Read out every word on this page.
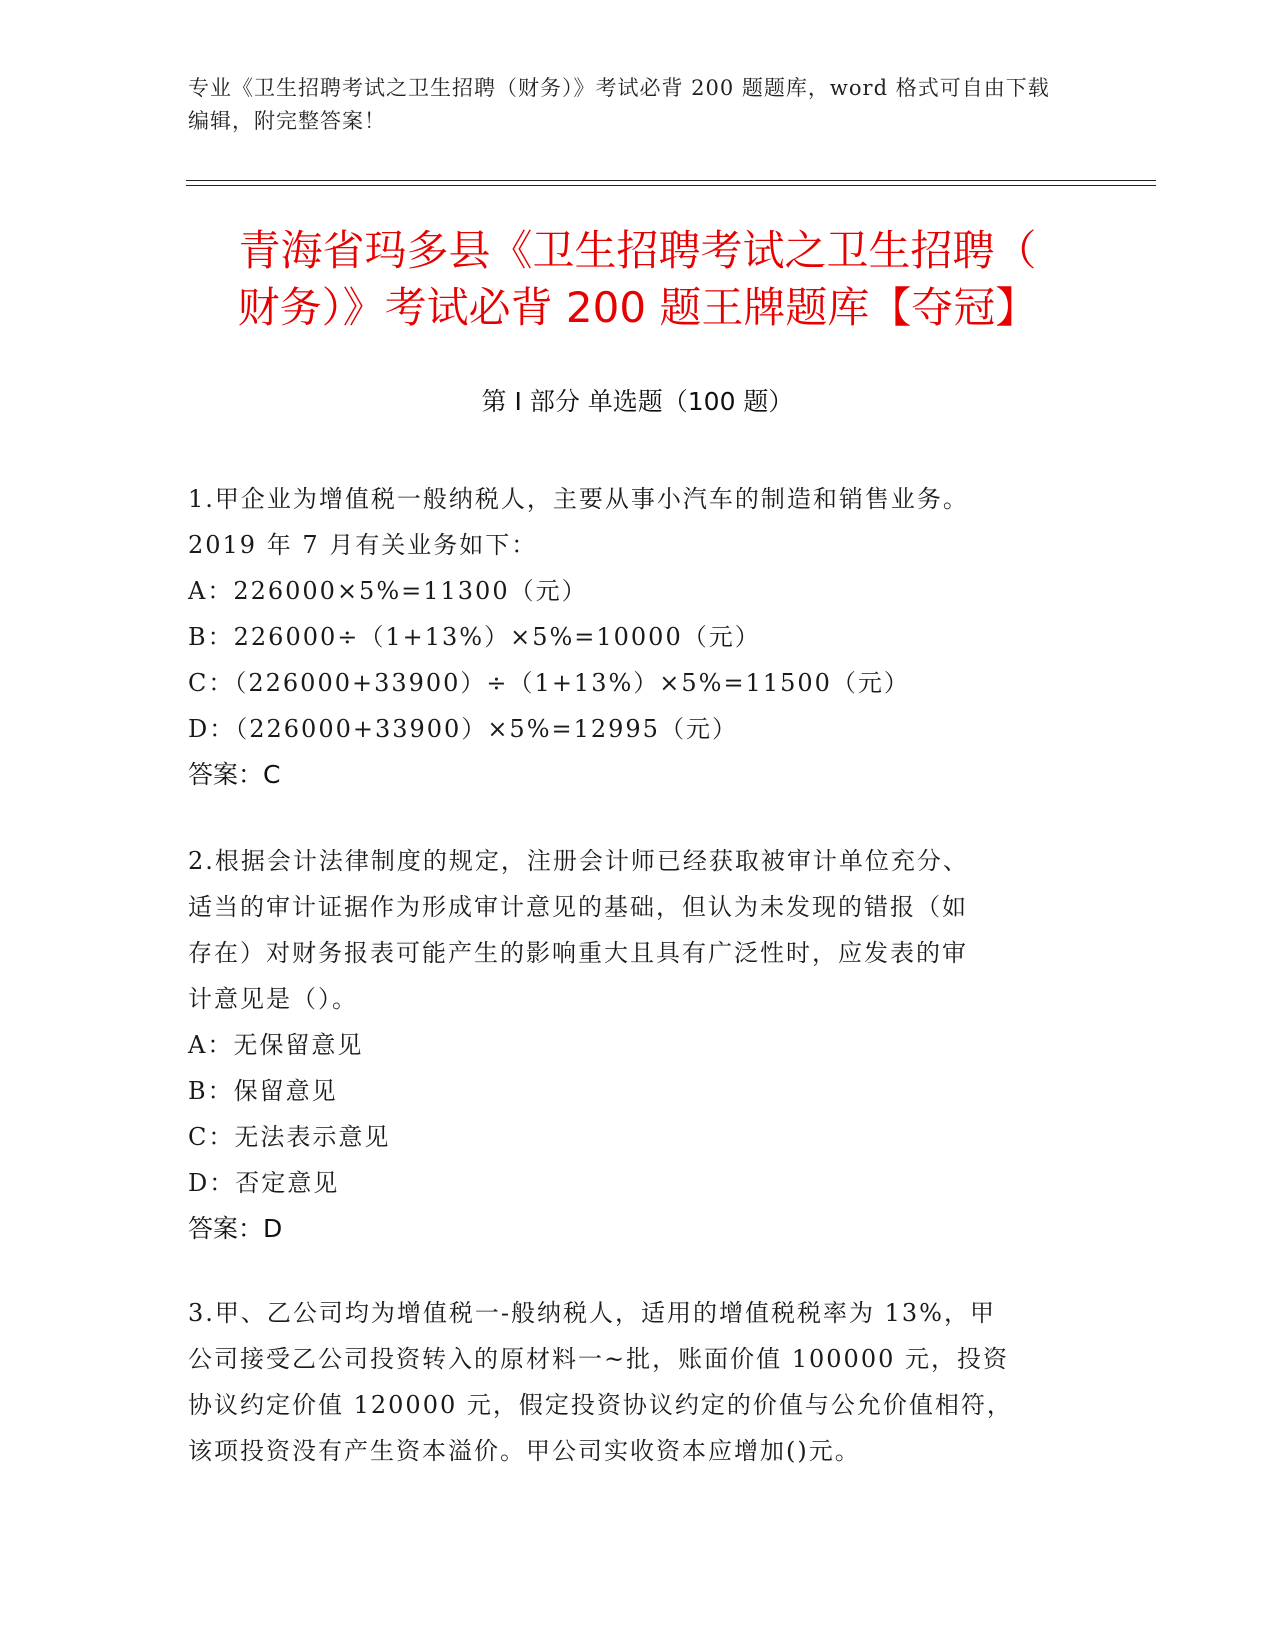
专业《卫生招聘考试之卫生招聘（财务）》考试必背 200 题题库，word 格式可自由下载编辑，附完整答案！
青海省玛多县《卫生招聘考试之卫生招聘（
财务）》考试必背 200 题王牌题库【夺冠】
第 I 部分 单选题（100 题）
1.甲企业为增值税一般纳税人，主要从事小汽车的制造和销售业务。
2019 年 7 月有关业务如下：
A：226000×5%=11300（元）
B：226000÷（1+13%）×5%=10000（元）
C：（226000+33900）÷（1+13%）×5%=11500（元）
D：（226000+33900）×5%=12995（元）
答案：C
2.根据会计法律制度的规定，注册会计师已经获取被审计单位充分、
适当的审计证据作为形成审计意见的基础，但认为未发现的错报（如
存在）对财务报表可能产生的影响重大且具有广泛性时，应发表的审
计意见是（）。
A：无保留意见
B：保留意见
C：无法表示意见
D：否定意见
答案：D
3.甲、乙公司均为增值税一-般纳税人，适用的增值税税率为 13%，甲
公司接受乙公司投资转入的原材料一~批，账面价值 100000 元，投资
协议约定价值 120000 元，假定投资协议约定的价值与公允价值相符，
该项投资没有产生资本溢价。甲公司实收资本应增加()元。
